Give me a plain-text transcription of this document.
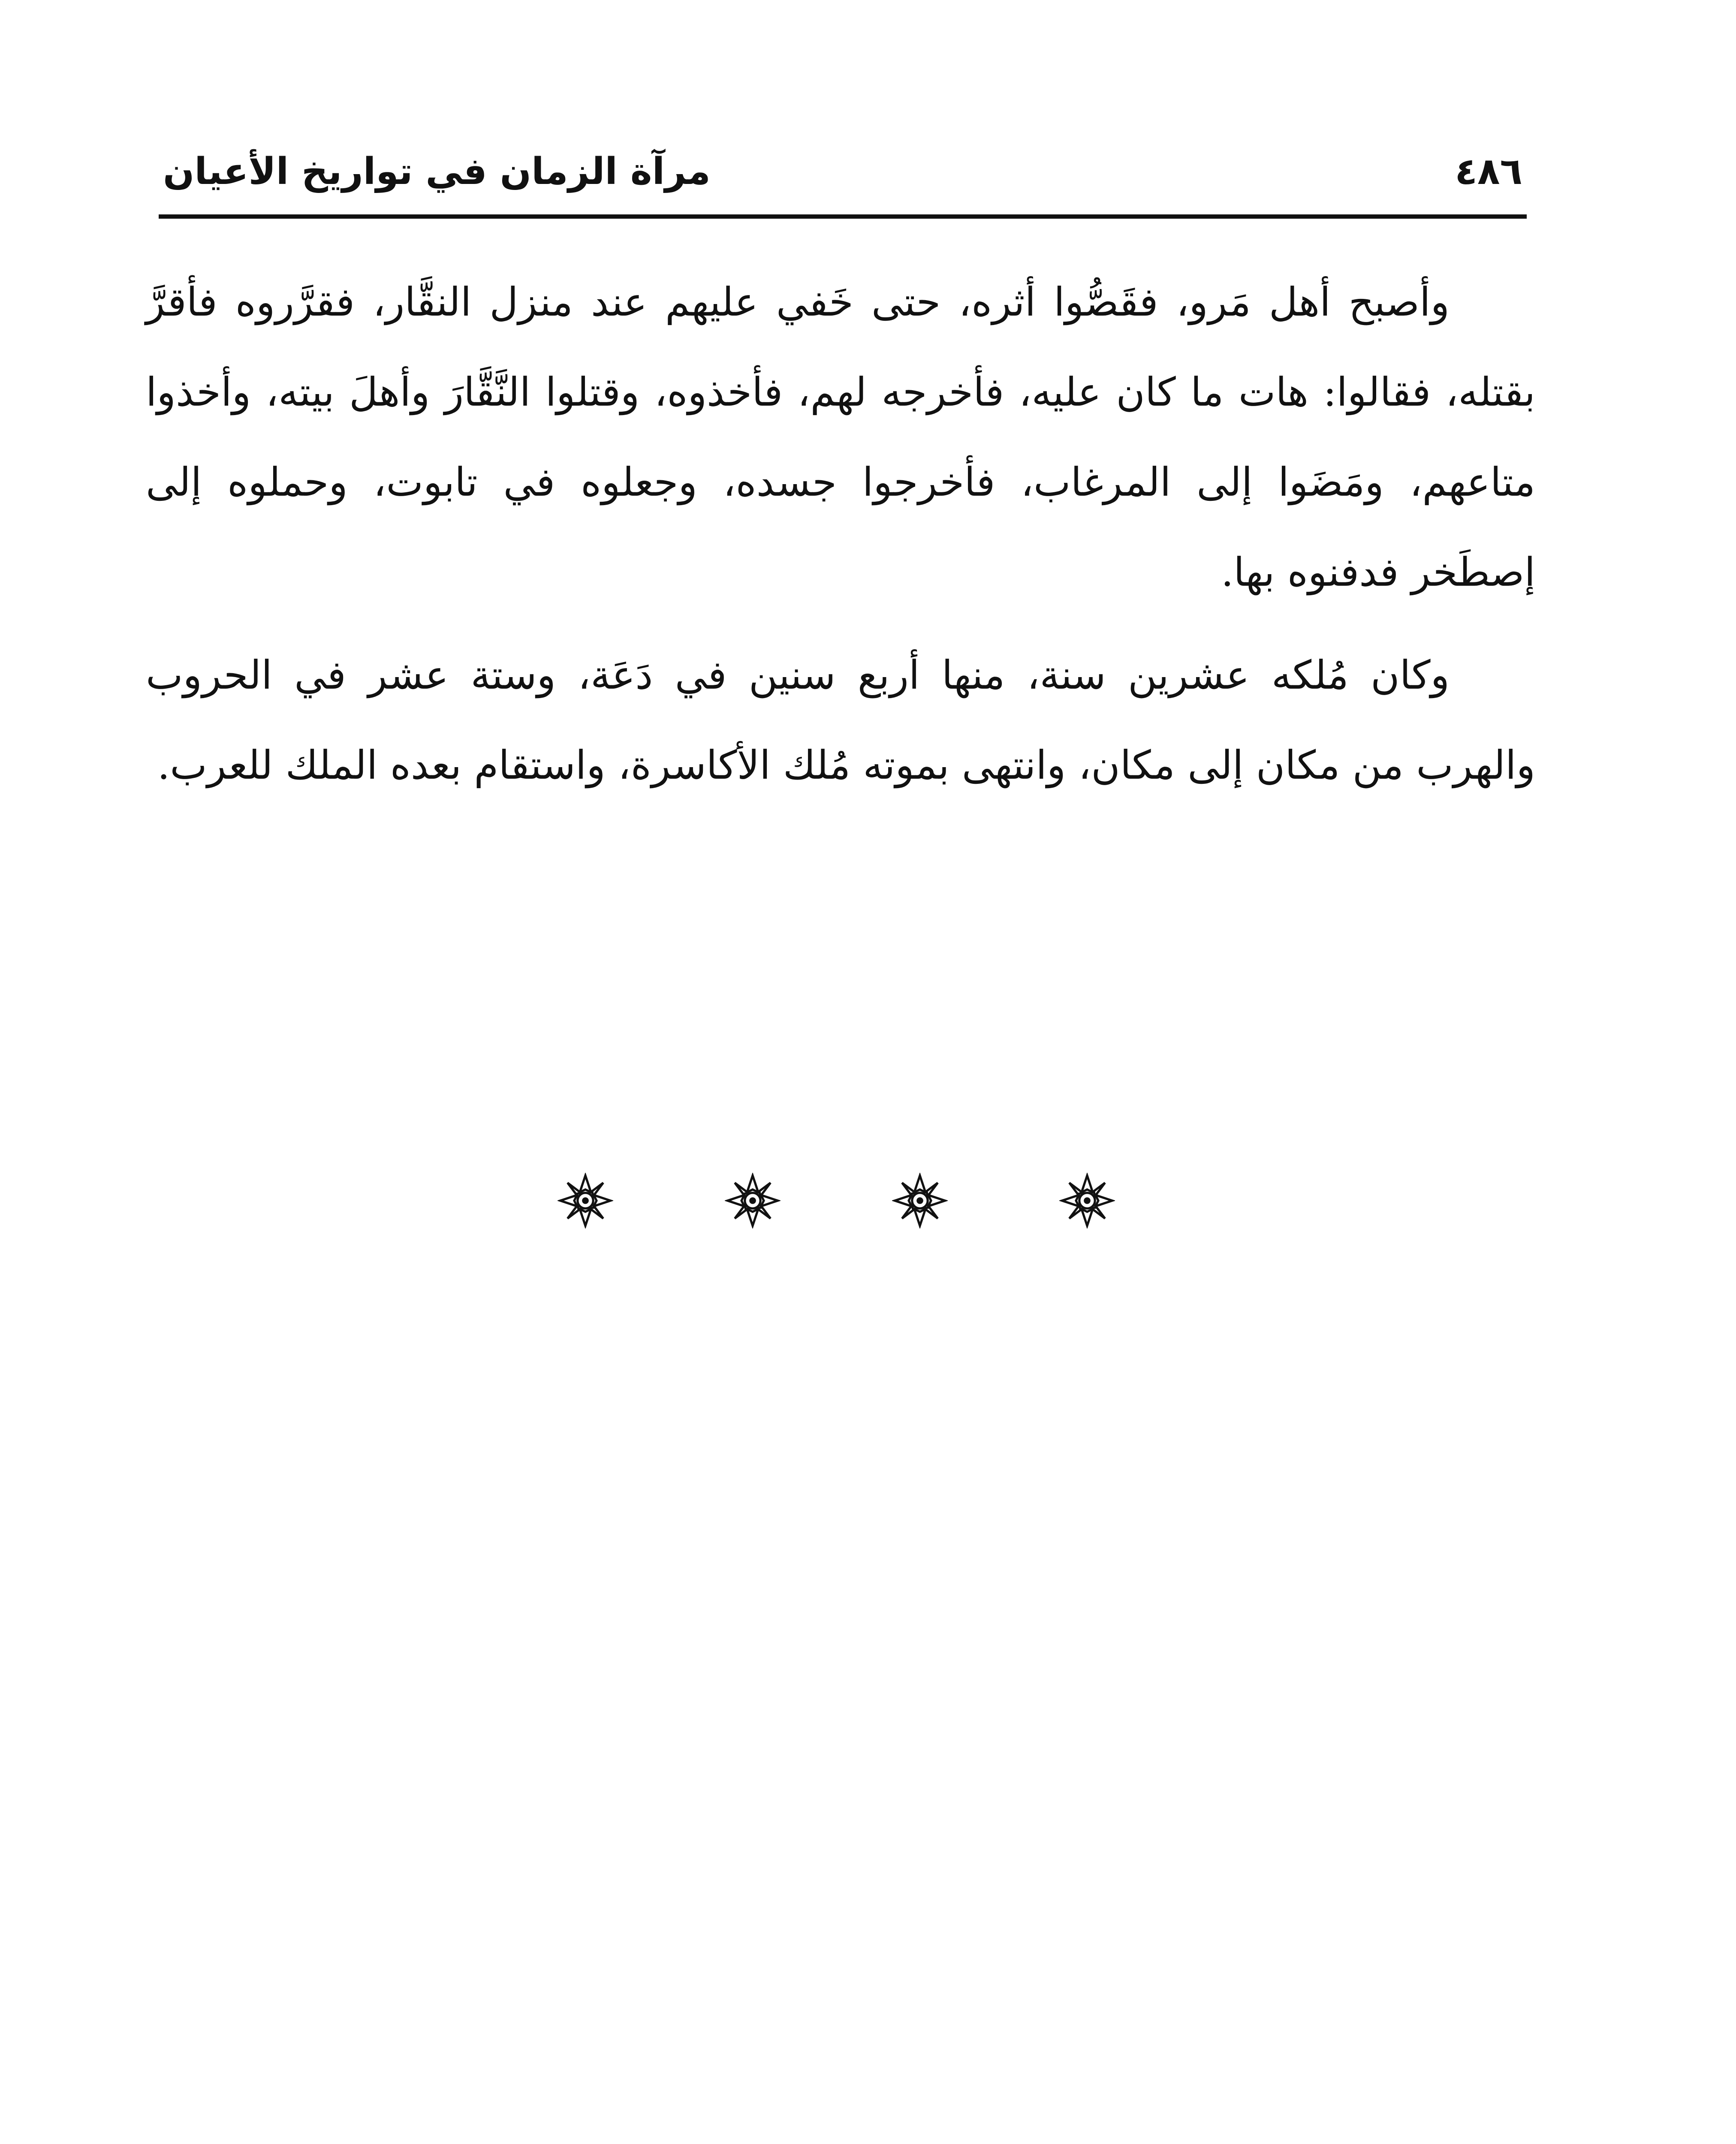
٤٨٦
مرآة الزمان في تواريخ الأعيان

وأصبح أهل مَرو، فقَصُّوا أثره، حتى خَفي عليهم عند منزل النقَّار، فقرَّروه فأقرَّ بقتله، فقالوا: هات ما كان عليه، فأخرجه لهم، فأخذوه، وقتلوا النَّقَّارَ وأهلَ بيته، وأخذوا متاعهم، ومَضَوا إلى المرغاب، فأخرجوا جسده، وجعلوه في تابوت، وحملوه إلى إصطَخر فدفنوه بها.

وكان مُلكه عشرين سنة، منها أربع سنين في دَعَة، وستة عشر في الحروب والهرب من مكان إلى مكان، وانتهى بموته مُلك الأكاسرة، واستقام بعده الملك للعرب.
